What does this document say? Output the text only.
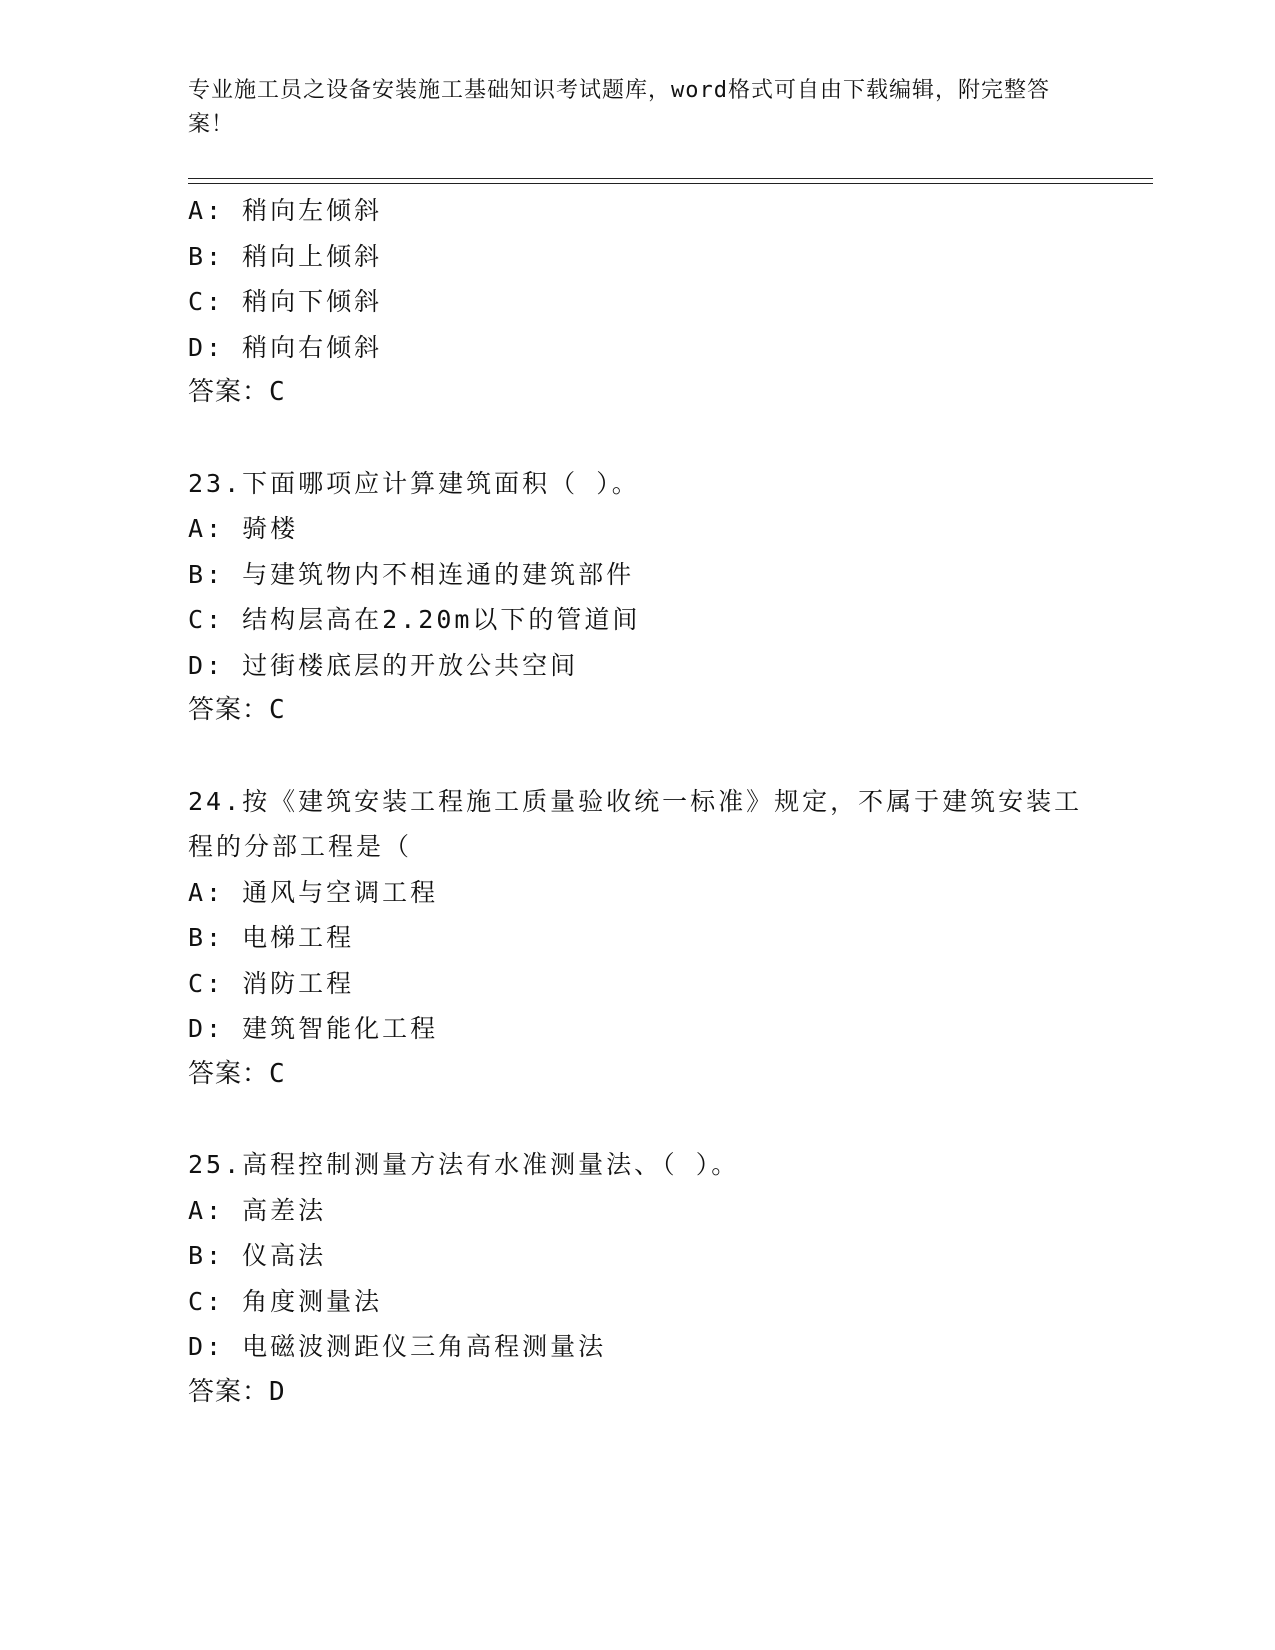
专业施工员之设备安装施工基础知识考试题库，word格式可自由下载编辑，附完整答案！
A: 稍向左倾斜
B: 稍向上倾斜
C: 稍向下倾斜
D: 稍向右倾斜
答案：C
23.下面哪项应计算建筑面积（ ）。
A: 骑楼
B: 与建筑物内不相连通的建筑部件
C: 结构层高在2.20m以下的管道间
D: 过街楼底层的开放公共空间
答案：C
24.按《建筑安装工程施工质量验收统一标准》规定，不属于建筑安装工程的分部工程是（
A: 通风与空调工程
B: 电梯工程
C: 消防工程
D: 建筑智能化工程
答案：C
25.高程控制测量方法有水准测量法、（ ）。
A: 高差法
B: 仪高法
C: 角度测量法
D: 电磁波测距仪三角高程测量法
答案：D
